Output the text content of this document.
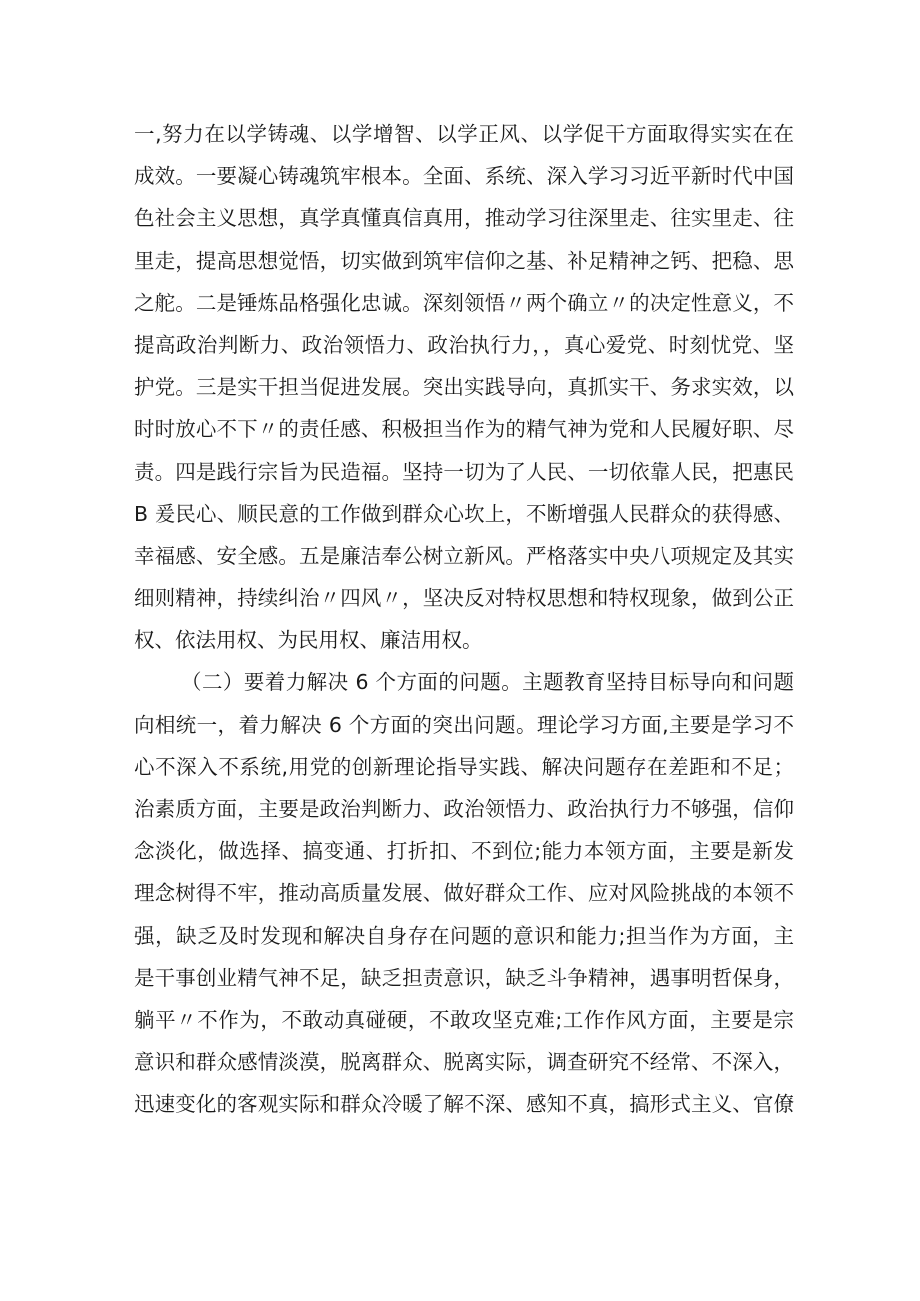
一,努力在以学铸魂、以学增智、以学正风、以学促干方面取得实实在在
成效。一要凝心铸魂筑牢根本。全面、系统、深入学习习近平新时代中国
色社会主义思想，真学真懂真信真用，推动学习往深里走、往实里走、往
里走，提高思想觉悟，切实做到筑牢信仰之基、补足精神之钙、把稳、思
之舵。二是锤炼品格强化忠诚。深刻领悟〃两个确立〃的决定性意义，不
提高政治判断力、政治领悟力、政治执行力，，真心爱党、时刻忧党、坚
护党。三是实干担当促进发展。突出实践导向，真抓实干、务求实效，以
时时放心不下〃的责任感、积极担当作为的精气神为党和人民履好职、尽
责。四是践行宗旨为民造福。坚持一切为了人民、一切依靠人民，把惠民
B 爰民心、顺民意的工作做到群众心坎上，不断增强人民群众的获得感、
幸福感、安全感。五是廉洁奉公树立新风。严格落实中央八项规定及其实
细则精神，持续纠治〃四风〃，坚决反对特权思想和特权现象，做到公正
权、依法用权、为民用权、廉洁用权。
（二）要着力解决 6 个方面的问题。主题教育坚持目标导向和问题
向相统一，着力解决 6 个方面的突出问题。理论学习方面,主要是学习不
心不深入不系统,用党的创新理论指导实践、解决问题存在差距和不足；
治素质方面，主要是政治判断力、政治领悟力、政治执行力不够强，信仰
念淡化，做选择、搞变通、打折扣、不到位;能力本领方面，主要是新发
理念树得不牢，推动高质量发展、做好群众工作、应对风险挑战的本领不
强，缺乏及时发现和解决自身存在问题的意识和能力;担当作为方面，主
是干事创业精气神不足，缺乏担责意识，缺乏斗争精神，遇事明哲保身，
躺平〃不作为，不敢动真碰硬，不敢攻坚克难;工作作风方面，主要是宗
意识和群众感情淡漠，脱离群众、脱离实际，调查研究不经常、不深入，
迅速变化的客观实际和群众冷暖了解不深、感知不真，搞形式主义、官僚
